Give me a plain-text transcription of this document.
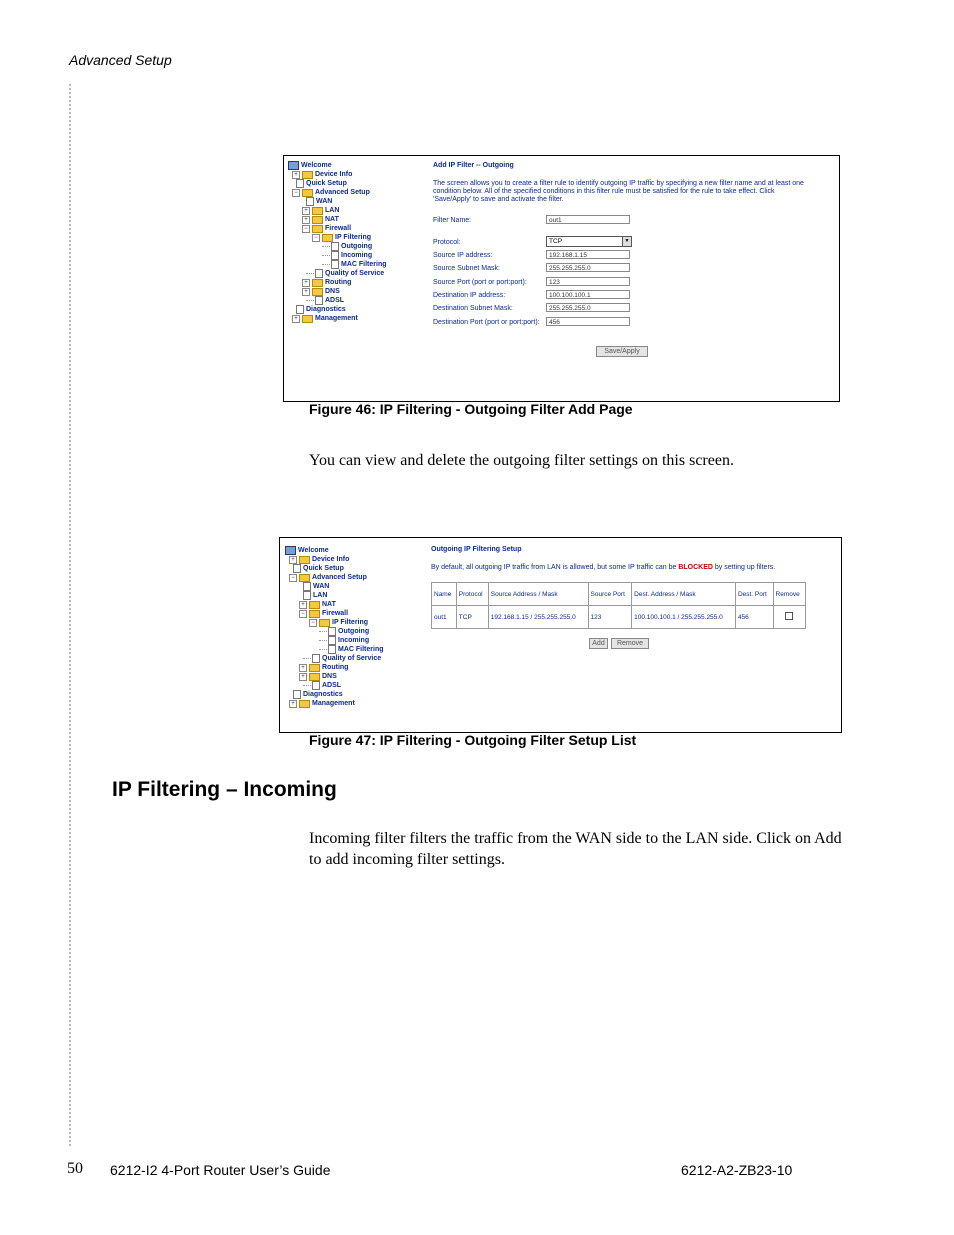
Advanced Setup
Welcome
+	Device Info
Quick Setup
−	Advanced Setup
WAN
+	LAN
+	NAT
−	Firewall
−	IP Filtering
Outgoing
Incoming
MAC Filtering
Quality of Service
+	Routing
+	DNS
ADSL
Diagnostics
+	Management
Add IP Filter -- Outgoing
The screen allows you to create a filter rule to identify outgoing IP traffic by specifying a new filter name and at least one condition below. All of the specified conditions in this filter rule must be satisfied for the rule to take effect. Click 'Save/Apply' to save and activate the filter.
Filter Name:	out1
Protocol:	TCP	▼
Source IP address:	192.168.1.15
Source Subnet Mask:	255.255.255.0
Source Port (port or port:port):	123
Destination IP address:	100.100.100.1
Destination Subnet Mask:	255.255.255.0
Destination Port (port or port:port):	456
Save/Apply
Figure 46: IP Filtering - Outgoing Filter Add Page
You can view and delete the outgoing filter settings on this screen.
Welcome
+	Device Info
Quick Setup
−	Advanced Setup
WAN
LAN
+	NAT
−	Firewall
−	IP Filtering
Outgoing
Incoming
MAC Filtering
Quality of Service
+	Routing
+	DNS
ADSL
Diagnostics
+	Management
Outgoing IP Filtering Setup
By default, all outgoing IP traffic from LAN is allowed, but some IP traffic can be BLOCKED by setting up filters.
Name	Protocol	Source Address / Mask	Source Port	Dest. Address / Mask	Dest. Port	Remove
out1	TCP	192.168.1.15 / 255.255.255.0	123	100.100.100.1 / 255.255.255.0	456	
Add	Remove
Figure 47: IP Filtering - Outgoing Filter Setup List
IP Filtering – Incoming
Incoming filter filters the traffic from the WAN side to the LAN side. Click on Add to add incoming filter settings.
50 6212-I2 4-Port Router User’s Guide	6212-A2-ZB23-10
